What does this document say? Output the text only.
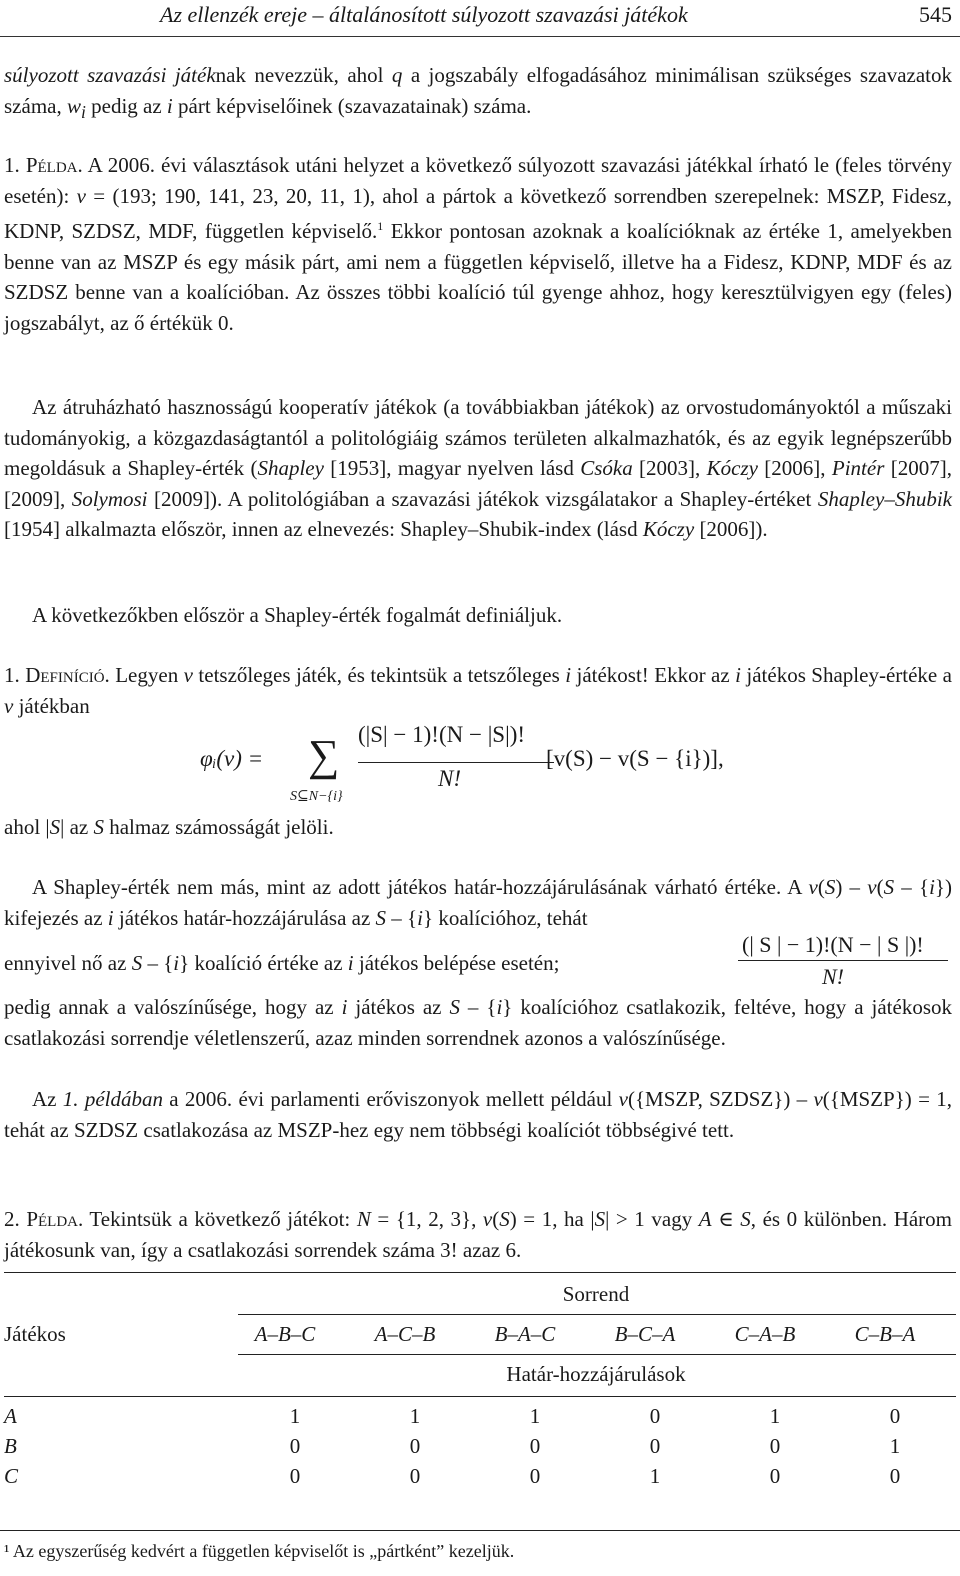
Az ellenzék ereje – általánosított súlyozott szavazási játékok	545
súlyozott szavazási játéknak nevezzük, ahol q a jogszabály elfogadásához minimálisan szükséges szavazatok száma, $w_i$ pedig az i párt képviselőinek (szavazatainak) száma.
1. Példa. A 2006. évi választások utáni helyzet a következő súlyozott szavazási játékkal írható le (feles törvény esetén): v = (193; 190, 141, 23, 20, 11, 1), ahol a pártok a következő sorrendben szerepelnek: MSZP, Fidesz, KDNP, SZDSZ, MDF, független képviselő.$^1$ Ekkor pontosan azoknak a koalícióknak az értéke 1, amelyekben benne van az MSZP és egy másik párt, ami nem a független képviselő, illetve ha a Fidesz, KDNP, MDF és az SZDSZ benne van a koalícióban. Az összes többi koalíció túl gyenge ahhoz, hogy keresztülvigyen egy (feles) jogszabályt, az ő értékük 0.
Az átruházható hasznosságú kooperatív játékok (a továbbiakban játékok) az orvostudományoktól a műszaki tudományokig, a közgazdaságtantól a politológiáig számos területen alkalmazhatók, és az egyik legnépszerűbb megoldásuk a Shapley-érték (Shapley [1953], magyar nyelven lásd Csóka [2003], Kóczy [2006], Pintér [2007], [2009], Solymosi [2009]). A politológiában a szavazási játékok vizsgálatakor a Shapley-értéket Shapley–Shubik [1954] alkalmazta először, innen az elnevezés: Shapley–Shubik-index (lásd Kóczy [2006]).
A következőkben először a Shapley-érték fogalmát definiáljuk.
1. Definíció. Legyen v tetszőleges játék, és tekintsük a tetszőleges i játékost! Ekkor az i játékos Shapley-értéke a v játékban
φᵢ(v) = ∑
S⊆N−{i}
(|S| − 1)!(N − |S|)!
N!
[v(S) − v(S − {i})],
ahol |S| az S halmaz számosságát jelöli.
A Shapley-érték nem más, mint az adott játékos határ-hozzájárulásának várható értéke. A v(S) – v(S – {i}) kifejezés az i játékos határ-hozzájárulása az S – {i} koalícióhoz, tehát
ennyivel nő az S – {i} koalíció értéke az i játékos belépése esetén;
(| S | − 1)!(N − | S |)!
N!
pedig annak a valószínűsége, hogy az i játékos az S – {i} koalícióhoz csatlakozik, feltéve, hogy a játékosok csatlakozási sorrendje véletlenszerű, azaz minden sorrendnek azonos a valószínűsége.
Az 1. példában a 2006. évi parlamenti erőviszonyok mellett például v({MSZP, SZDSZ}) – v({MSZP}) = 1, tehát az SZDSZ csatlakozása az MSZP-hez egy nem többségi koalíciót többségivé tett.
2. Példa. Tekintsük a következő játékot: N = {1, 2, 3}, v(S) = 1, ha |S| > 1 vagy A ∈ S, és 0 különben. Három játékosunk van, így a csatlakozási sorrendek száma 3! azaz 6.
Sorrend
Játékos	A–B–C	A–C–B	B–A–C	B–C–A	C–A–B	C–B–A
Határ-hozzájárulások
A	1	1	1	0	1	0
B	0	0	0	0	0	1
C	0	0	0	1	0	0
¹ Az egyszerűség kedvért a független képviselőt is „pártként” kezeljük.
